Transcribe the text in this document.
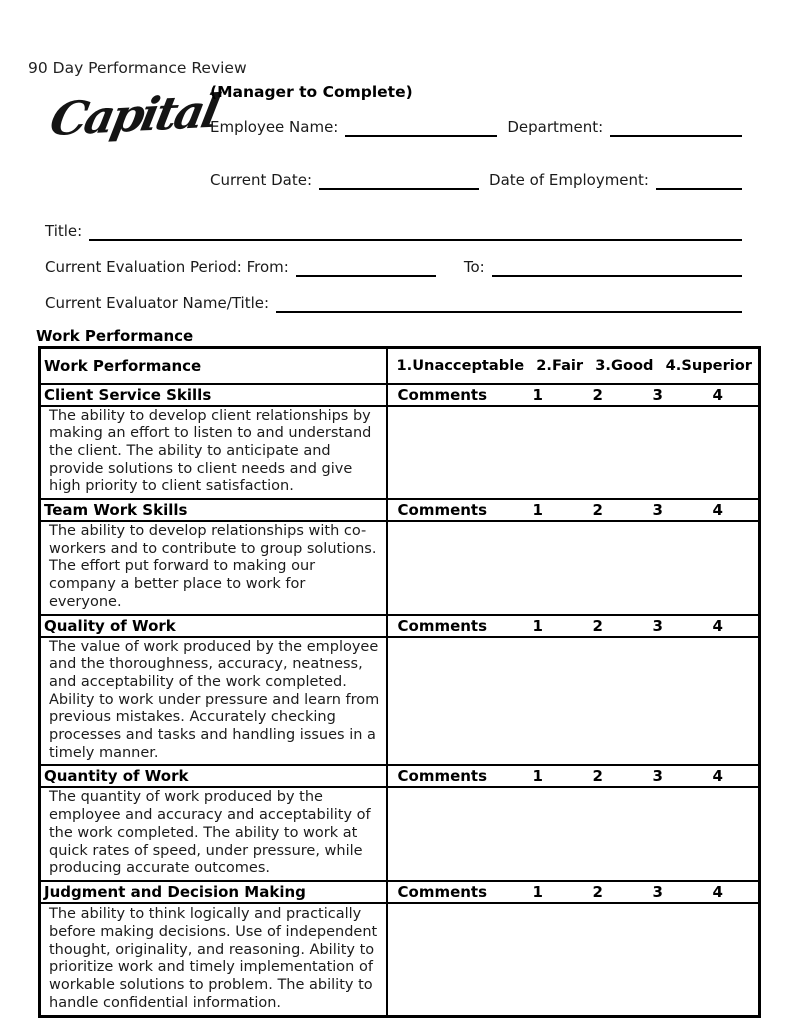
90 Day Performance Review
Capital
(Manager to Complete)
Employee Name:	Department:
Current Date:	Date of Employment:
Title:
Current Evaluation Period: From:	To:
Current Evaluator Name/Title:
Work Performance
Work Performance	1.Unacceptable 2.Fair 3.Good 4.Superior

Client Service Skills	Comments 1 2 3 4
The ability to develop client relationships by making an effort to listen to and understand the client. The ability to anticipate and provide solutions to client needs and give high priority to client satisfaction.	
Team Work Skills	Comments 1 2 3 4
The ability to develop relationships with co-workers and to contribute to group solutions.  The effort put forward to making our company a better place to work for everyone.	
Quality of Work	Comments 1 2 3 4
The value of work produced by the employee and the thoroughness, accuracy, neatness, and acceptability of the work completed. Ability to work under pressure and learn from previous mistakes. Accurately checking processes and tasks and handling issues in a timely manner.	
Quantity of Work	Comments 1 2 3 4
The quantity of work produced by the employee and accuracy and acceptability of the work completed. The ability to work at quick rates of speed, under pressure, while producing accurate outcomes.	
Judgment and Decision Making	Comments 1 2 3 4
The ability to think logically and practically before making decisions. Use of independent thought, originality, and reasoning. Ability to prioritize work and timely implementation of workable solutions to problem. The ability to handle confidential information.	
